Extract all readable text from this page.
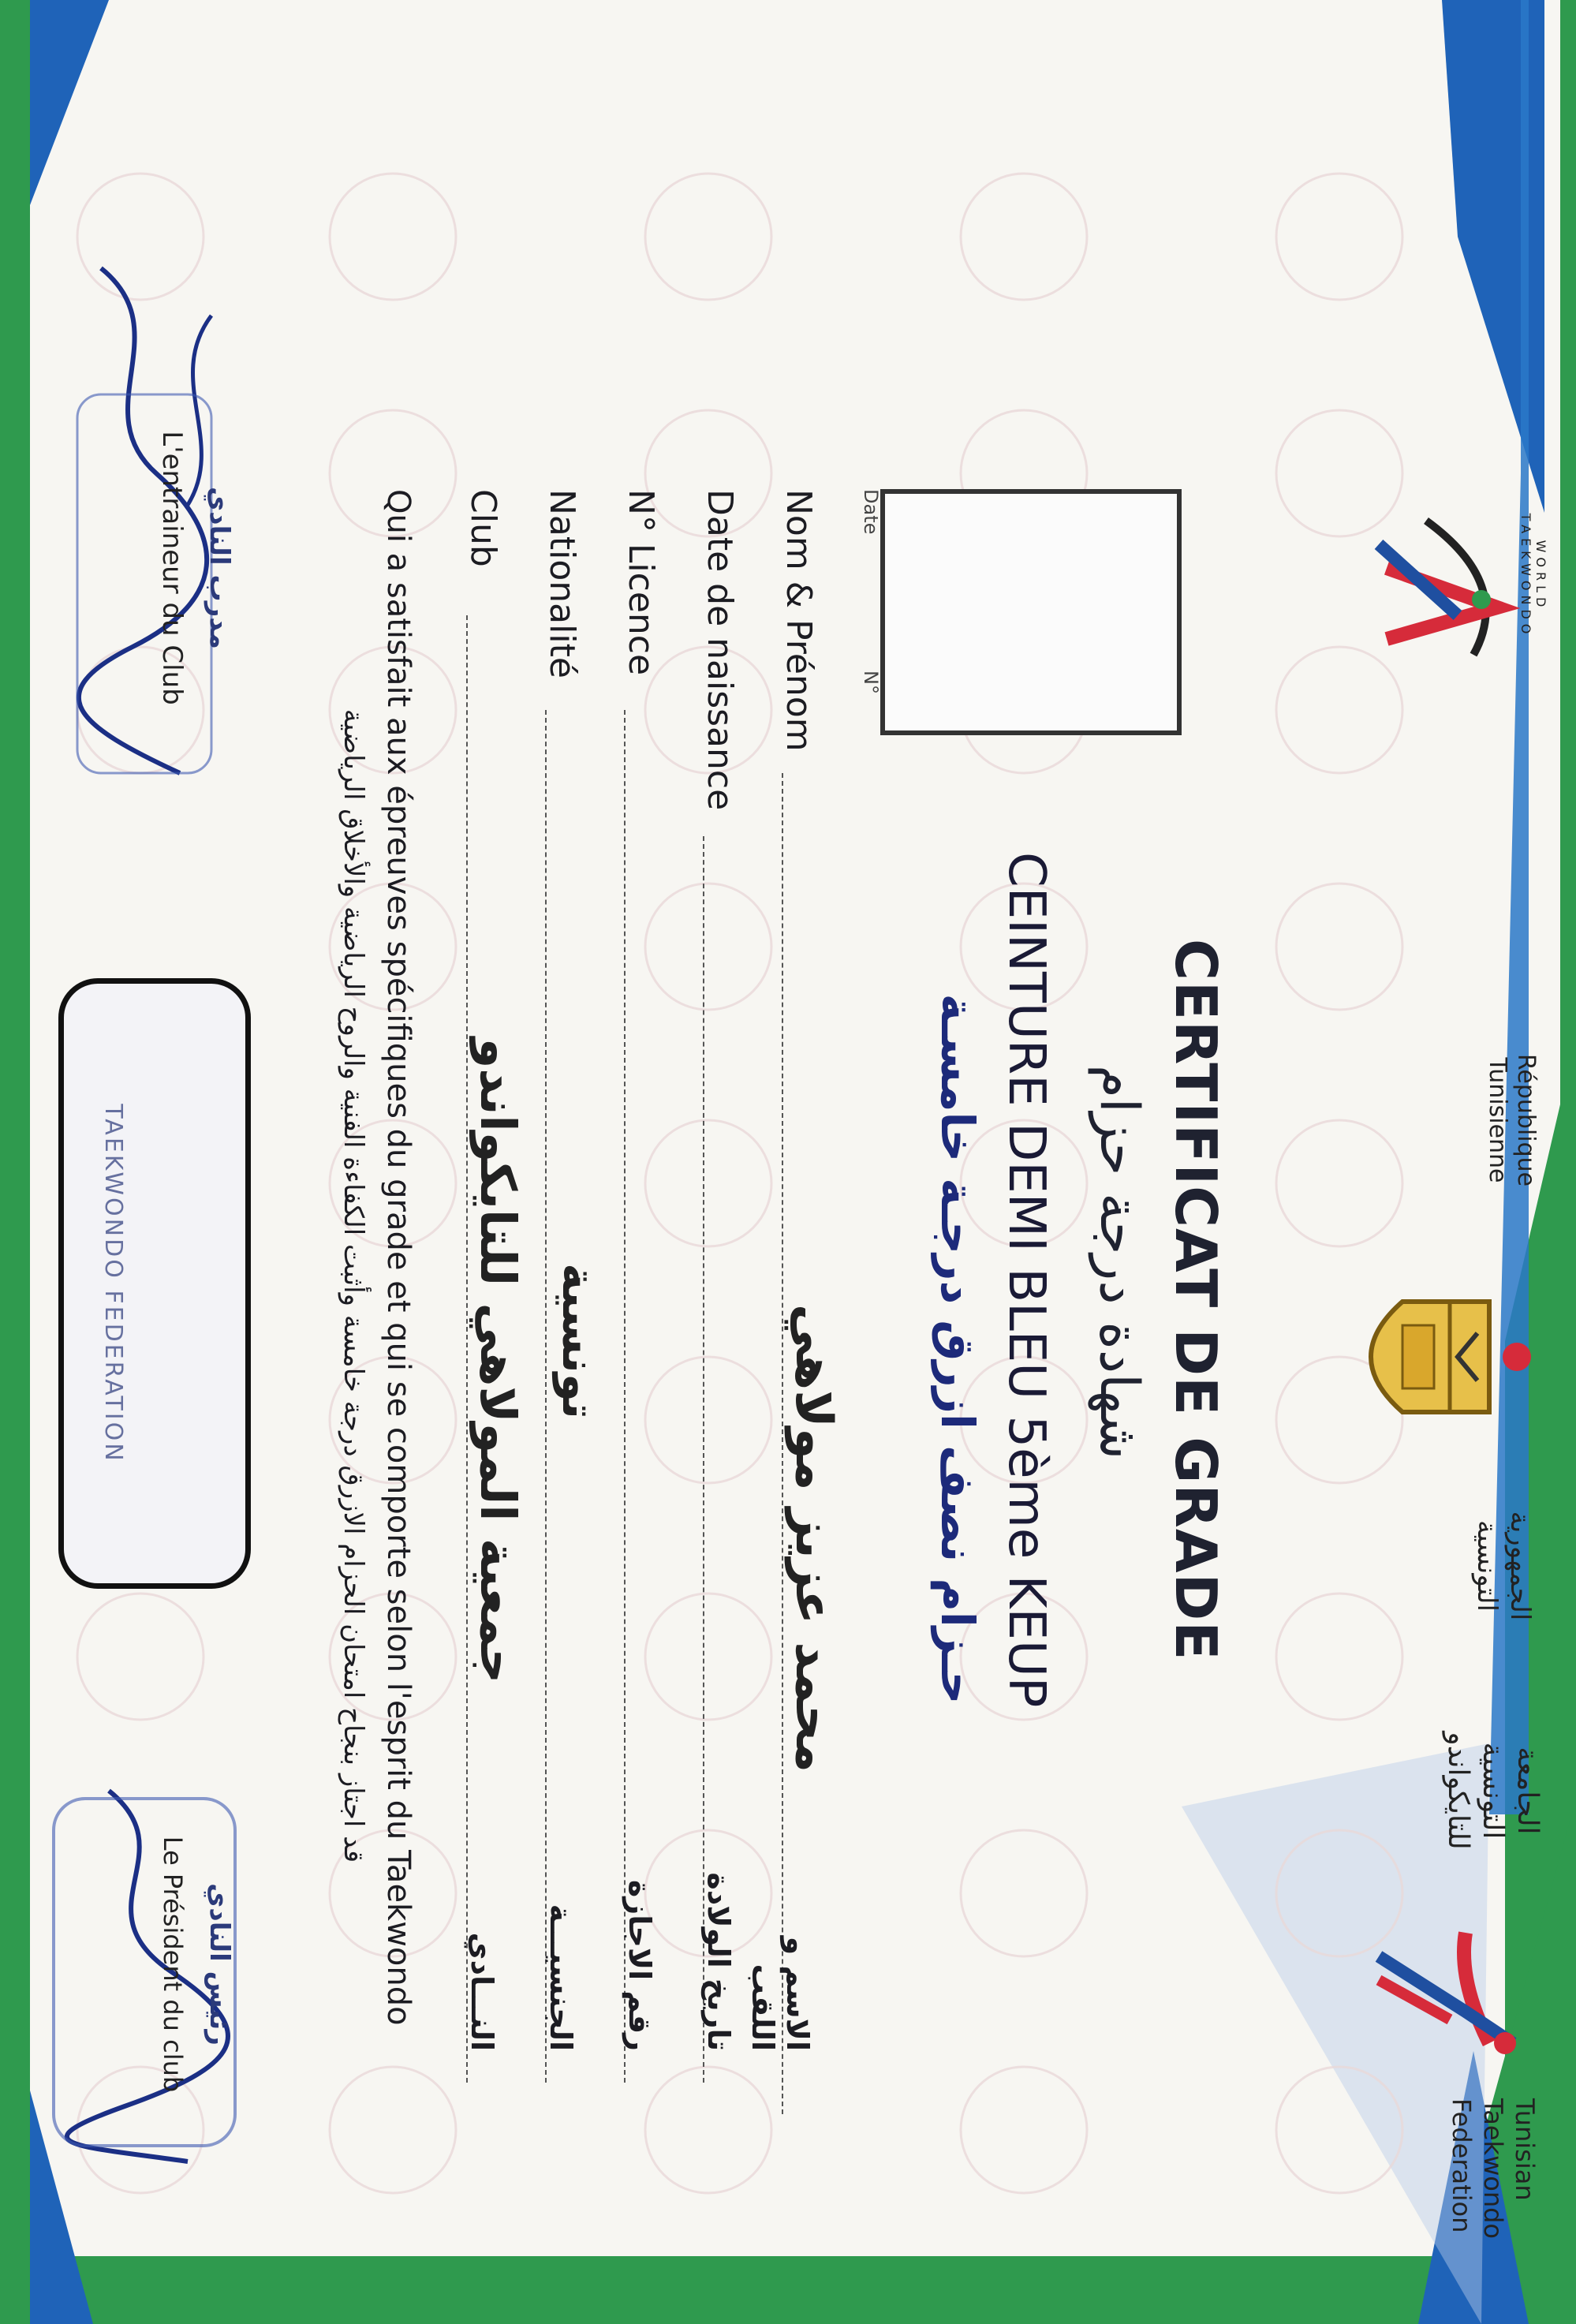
WORLD TAEKWONDO
République Tunisienne
الجمهورية التونسية
الجامعة التونسية للتايكواندو
Tunisian Taekwondo Federation
Date
N°
CERTIFICAT DE GRADE
شهادة درجة حزام
CEINTURE DEMI BLEU 5ème KEUP
حـزام نصف ازرق درجـة خامسـة
Nom & Prénom
محمد عزيز مولاهي
الاسم و اللقب
Date de naissance
تاريخ الولادة
N° Licence
رقم الاجازة
Nationalité
تونسية
الجنسيـــة
Club
جمعية المولاهي للتايكواندو
النـــادي
Qui a satisfait aux épreuves spécifiques du grade et qui se comporte selon l'esprit du Taekwondo
قد اجتاز بنجاح امتحان الحزام الازرق درجة خامسة وأثبت الكفاءة الفنية والروح الرياضية والأخلاق الرياضية
TAEKWONDO FEDERATION
مدرب النادي
L'entraineur du Club
رئيس النادي
Le Président du club
